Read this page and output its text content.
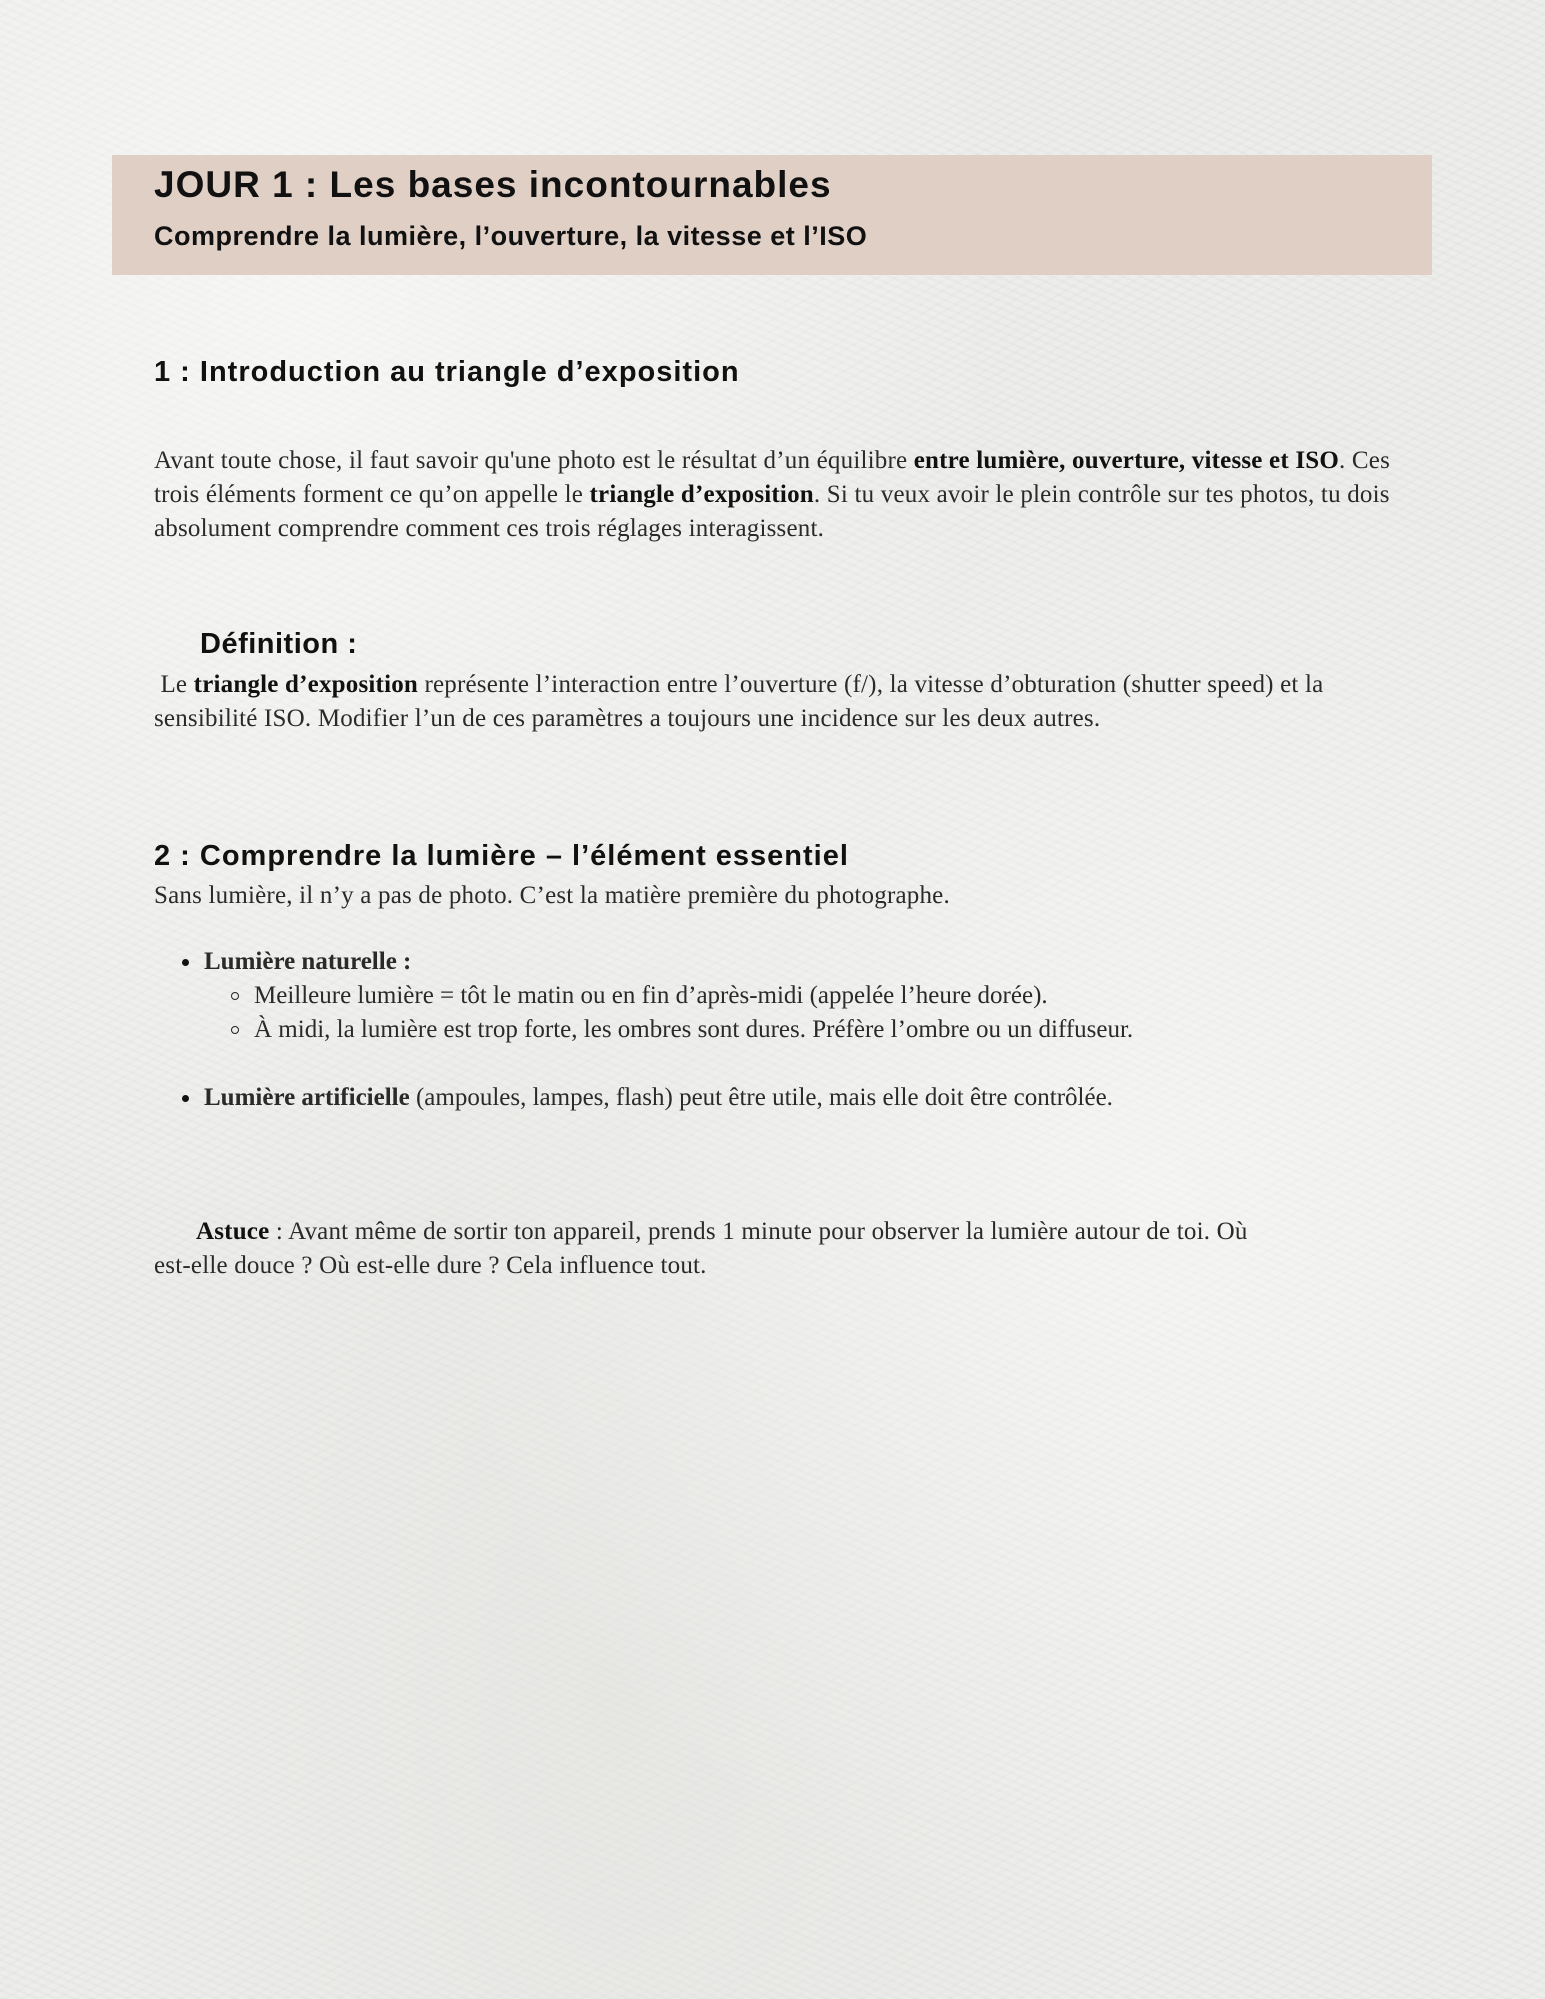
JOUR 1 : Les bases incontournables
Comprendre la lumière, l’ouverture, la vitesse et l’ISO
1 : Introduction au triangle d’exposition

Avant toute chose, il faut savoir qu'une photo est le résultat d’un équilibre entre lumière, ouverture, vitesse et ISO. Ces trois éléments forment ce qu’on appelle le triangle d’exposition. Si tu veux avoir le plein contrôle sur tes photos, tu dois absolument comprendre comment ces trois réglages interagissent.

Définition :

Le triangle d’exposition représente l’interaction entre l’ouverture (f/), la vitesse d’obturation (shutter speed) et la sensibilité ISO. Modifier l’un de ces paramètres a toujours une incidence sur les deux autres.

2 : Comprendre la lumière – l’élément essentiel

Sans lumière, il n’y a pas de photo. C’est la matière première du photographe.

Lumière naturelle :
Meilleure lumière = tôt le matin ou en fin d’après-midi (appelée l’heure dorée).
À midi, la lumière est trop forte, les ombres sont dures. Préfère l’ombre ou un diffuseur.
Lumière artificielle (ampoules, lampes, flash) peut être utile, mais elle doit être contrôlée.

Astuce : Avant même de sortir ton appareil, prends 1 minute pour observer la lumière autour de toi. Où est-elle douce ? Où est-elle dure ? Cela influence tout.
